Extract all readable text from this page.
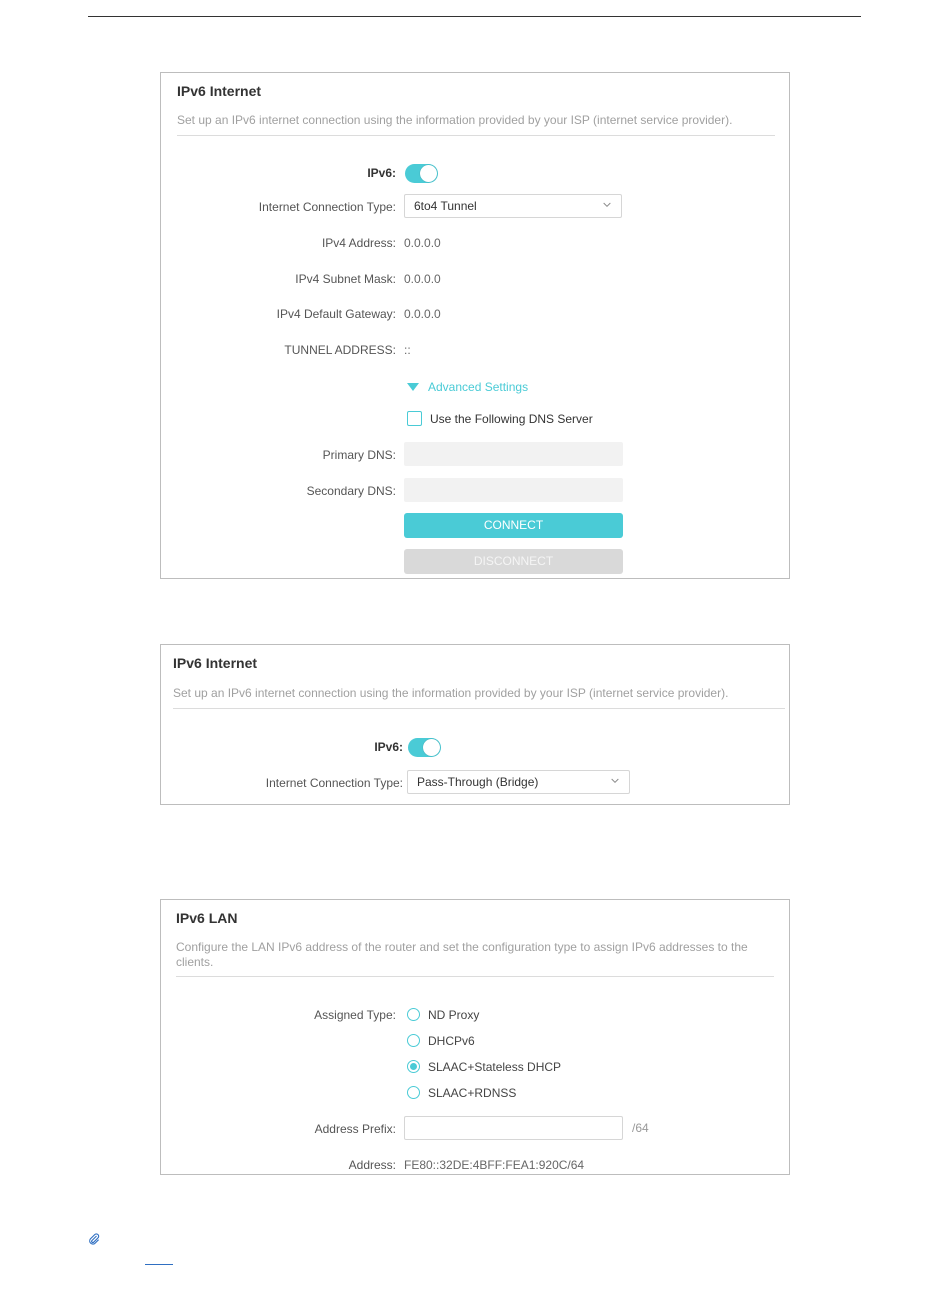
IPv6 Internet
Set up an IPv6 internet connection using the information provided by your ISP (internet service provider).
IPv6:
Internet Connection Type: 6to4 Tunnel
IPv4 Address: 0.0.0.0
IPv4 Subnet Mask: 0.0.0.0
IPv4 Default Gateway: 0.0.0.0
TUNNEL ADDRESS: ::
Advanced Settings
Use the Following DNS Server
Primary DNS:
Secondary DNS:
CONNECT
DISCONNECT
IPv6 Internet
Set up an IPv6 internet connection using the information provided by your ISP (internet service provider).
IPv6:
Internet Connection Type: Pass-Through (Bridge)
IPv6 LAN
Configure the LAN IPv6 address of the router and set the configuration type to assign IPv6 addresses to the clients.
Assigned Type:	ND Proxy
DHCPv6
SLAAC+Stateless DHCP
SLAAC+RDNSS
Address Prefix:	/64
Address: FE80::32DE:4BFF:FEA1:920C/64
